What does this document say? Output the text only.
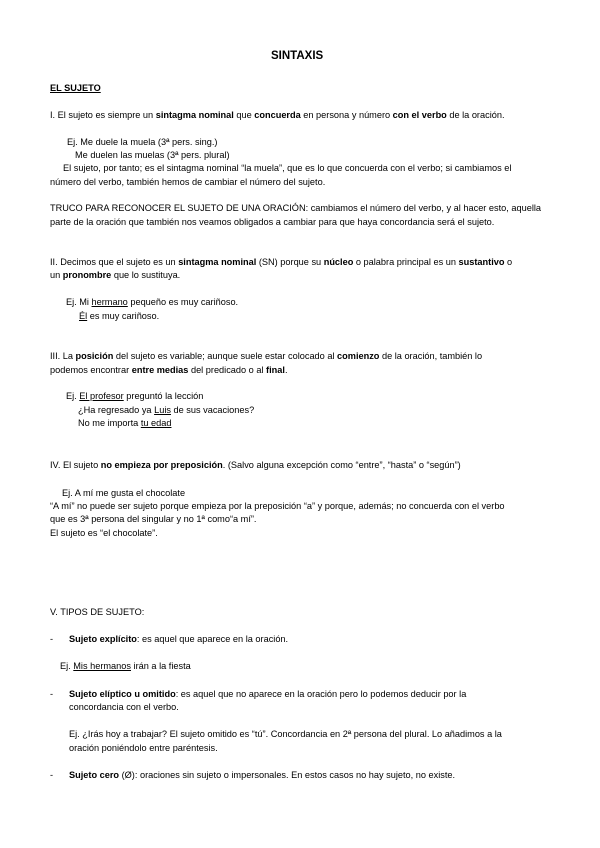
SINTAXIS
EL SUJETO
I. El sujeto es siempre un sintagma nominal que concuerda en persona y número con el verbo de la oración.
Ej. Me duele la muela (3ª pers. sing.)
Me duelen las muelas (3ª pers. plural)
El sujeto, por tanto; es el sintagma nominal “la muela”, que es lo que concuerda con el verbo; si cambiamos el
número del verbo, también hemos de cambiar el número del sujeto.
TRUCO PARA RECONOCER EL SUJETO DE UNA ORACIÓN: cambiamos el número del verbo, y al hacer esto, aquella
parte de la oración que también nos veamos obligados a cambiar para que haya concordancia será el sujeto.
II. Decimos que el sujeto es un sintagma nominal (SN) porque su núcleo o palabra principal es un sustantivo o
un pronombre que lo sustituya.
Ej. Mi hermano pequeño es muy cariñoso.
Él es muy cariñoso.
III. La posición del sujeto es variable; aunque suele estar colocado al comienzo de la oración, también lo
podemos encontrar entre medias del predicado o al final.
Ej. El profesor preguntó la lección
¿Ha regresado ya Luis de sus vacaciones?
No me importa tu edad
IV. El sujeto no empieza por preposición. (Salvo alguna excepción como “entre”, “hasta” o “según”)
Ej. A mí me gusta el chocolate
“A mí” no puede ser sujeto porque empieza por la preposición “a” y porque, además; no concuerda con el verbo
que es 3ª persona del singular y no 1ª como“a mí”.
El sujeto es “el chocolate”.
V. TIPOS DE SUJETO:
- Sujeto explícito: es aquel que aparece en la oración.
Ej. Mis hermanos irán a la fiesta
- Sujeto elíptico u omitido: es aquel que no aparece en la oración pero lo podemos deducir por la
concordancia con el verbo.
Ej. ¿Irás hoy a trabajar? El sujeto omitido es “tú”. Concordancia en 2ª persona del plural. Lo añadimos a la
oración poniéndolo entre paréntesis.
- Sujeto cero (Ø): oraciones sin sujeto o impersonales. En estos casos no hay sujeto, no existe.
